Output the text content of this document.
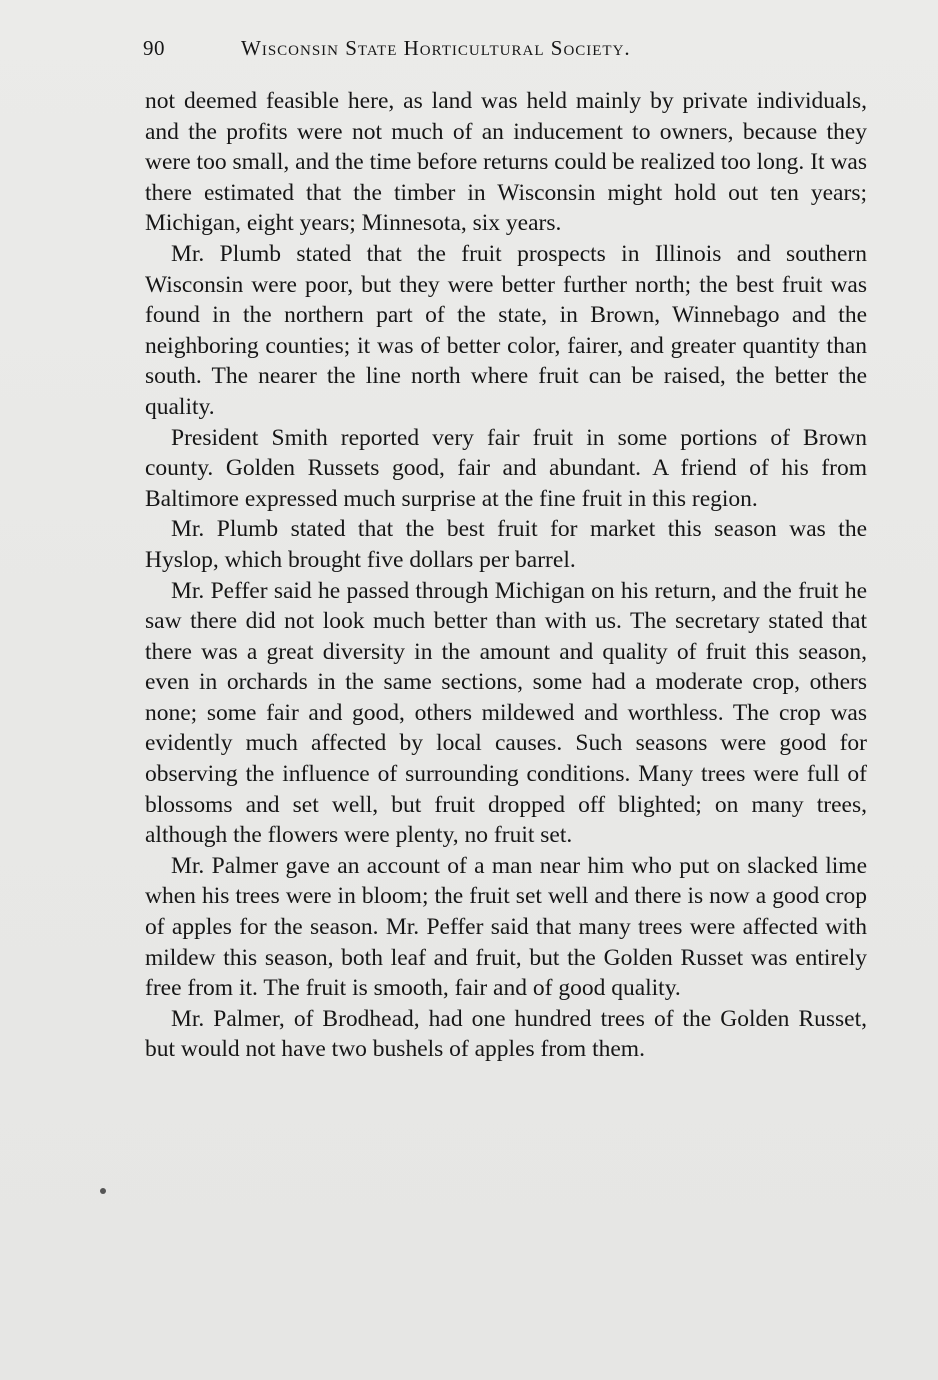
90	Wisconsin State Horticultural Society.

not deemed feasible here, as land was held mainly by private individuals, and the profits were not much of an inducement to owners, because they were too small, and the time before returns could be realized too long. It was there estimated that the timber in Wisconsin might hold out ten years; Michigan, eight years; Minnesota, six years.

Mr. Plumb stated that the fruit prospects in Illinois and southern Wisconsin were poor, but they were better further north; the best fruit was found in the northern part of the state, in Brown, Winnebago and the neighboring counties; it was of better color, fairer, and greater quantity than south. The nearer the line north where fruit can be raised, the better the quality.

President Smith reported very fair fruit in some portions of Brown county. Golden Russets good, fair and abundant. A friend of his from Baltimore expressed much surprise at the fine fruit in this region.

Mr. Plumb stated that the best fruit for market this season was the Hyslop, which brought five dollars per barrel.

Mr. Peffer said he passed through Michigan on his return, and the fruit he saw there did not look much better than with us. The secretary stated that there was a great diversity in the amount and quality of fruit this season, even in orchards in the same sections, some had a moderate crop, others none; some fair and good, others mildewed and worthless. The crop was evidently much affected by local causes. Such seasons were good for observing the influence of surrounding conditions. Many trees were full of blossoms and set well, but fruit dropped off blighted; on many trees, although the flowers were plenty, no fruit set.

Mr. Palmer gave an account of a man near him who put on slacked lime when his trees were in bloom; the fruit set well and there is now a good crop of apples for the season. Mr. Peffer said that many trees were affected with mildew this season, both leaf and fruit, but the Golden Russet was entirely free from it. The fruit is smooth, fair and of good quality.

Mr. Palmer, of Brodhead, had one hundred trees of the Golden Russet, but would not have two bushels of apples from them.
